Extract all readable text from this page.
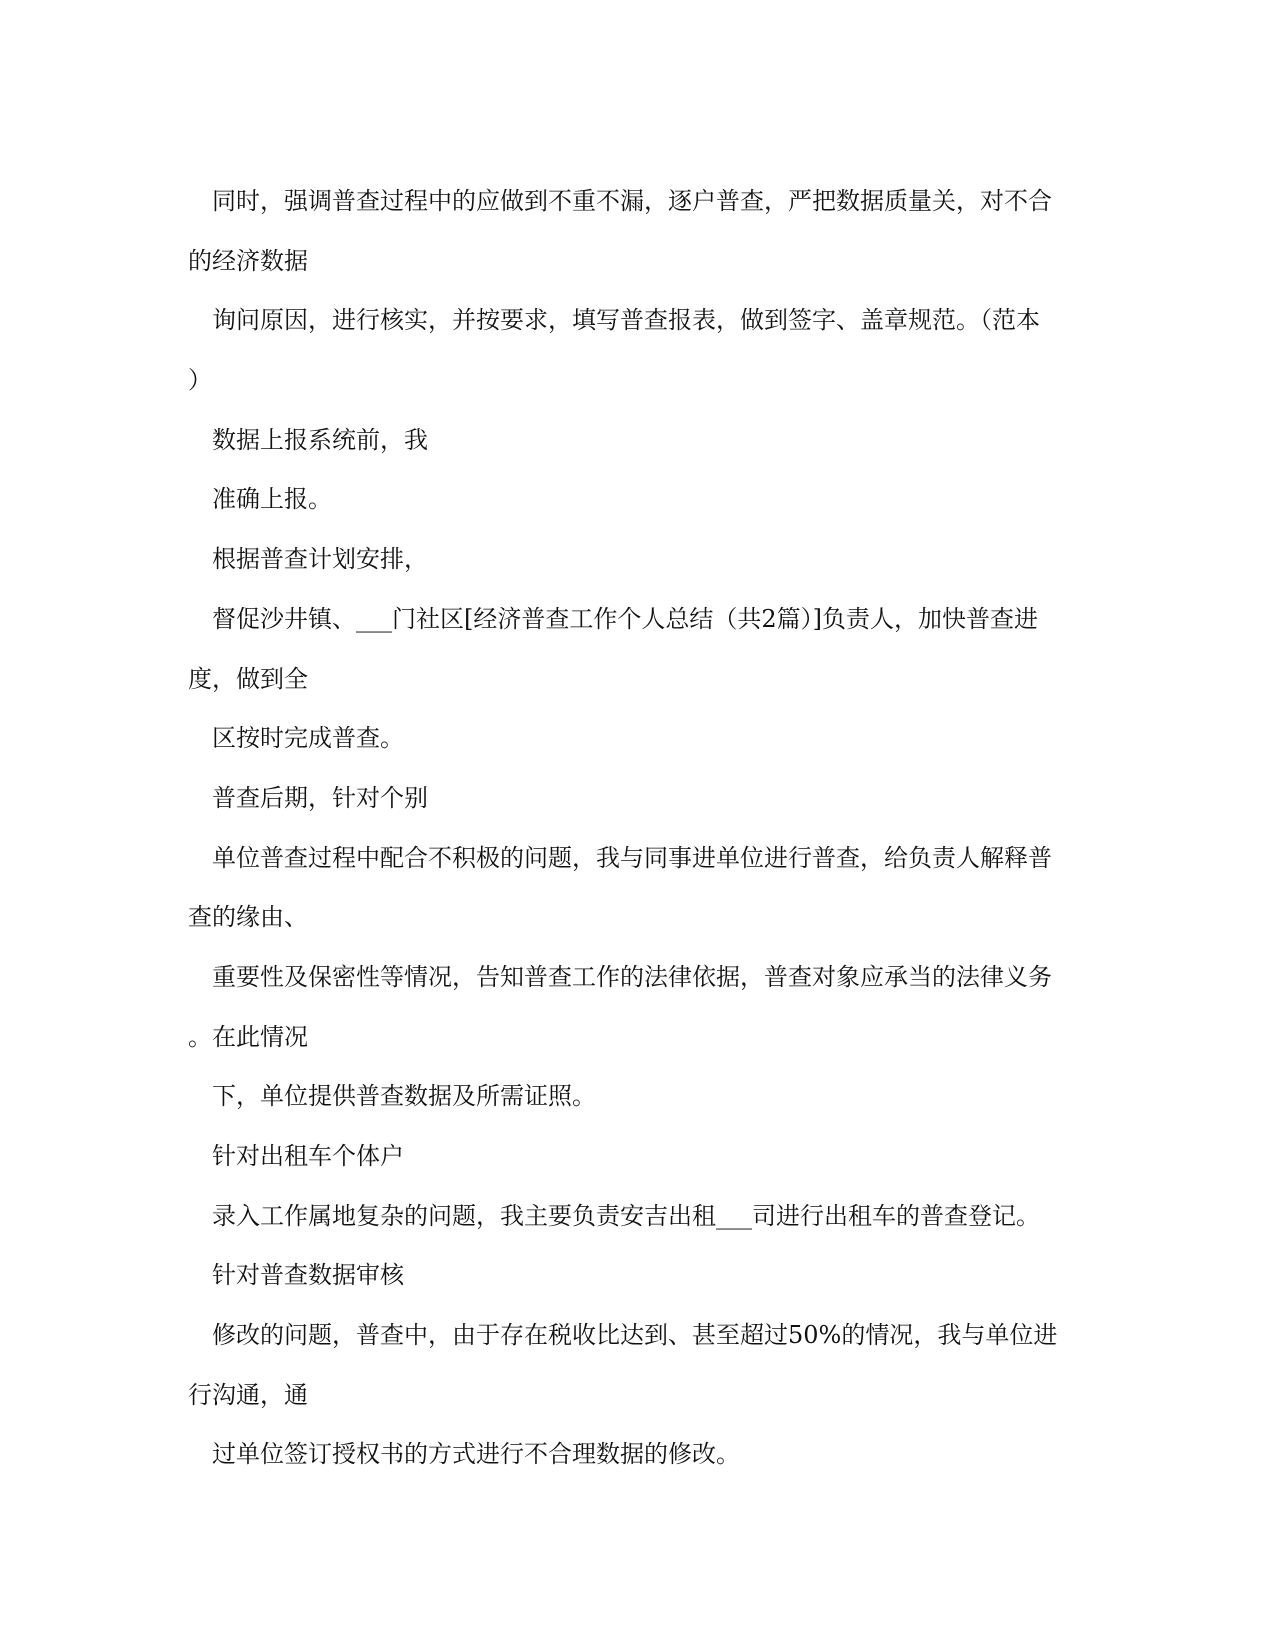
同时，强调普查过程中的应做到不重不漏，逐户普查，严把数据质量关，对不合
的经济数据
询问原因，进行核实，并按要求，填写普查报表，做到签字、盖章规范。（范本
）
数据上报系统前，我
准确上报。
根据普查计划安排，
督促沙井镇、___门社区[经济普查工作个人总结（共2篇）]负责人，加快普查进
度，做到全
区按时完成普查。
普查后期，针对个别
单位普查过程中配合不积极的问题，我与同事进单位进行普查，给负责人解释普
查的缘由、
重要性及保密性等情况，告知普查工作的法律依据，普查对象应承当的法律义务
。在此情况
下，单位提供普查数据及所需证照。
针对出租车个体户
录入工作属地复杂的问题，我主要负责安吉出租___司进行出租车的普查登记。
针对普查数据审核
修改的问题，普查中，由于存在税收比达到、甚至超过50%的情况，我与单位进
行沟通，通
过单位签订授权书的方式进行不合理数据的修改。
